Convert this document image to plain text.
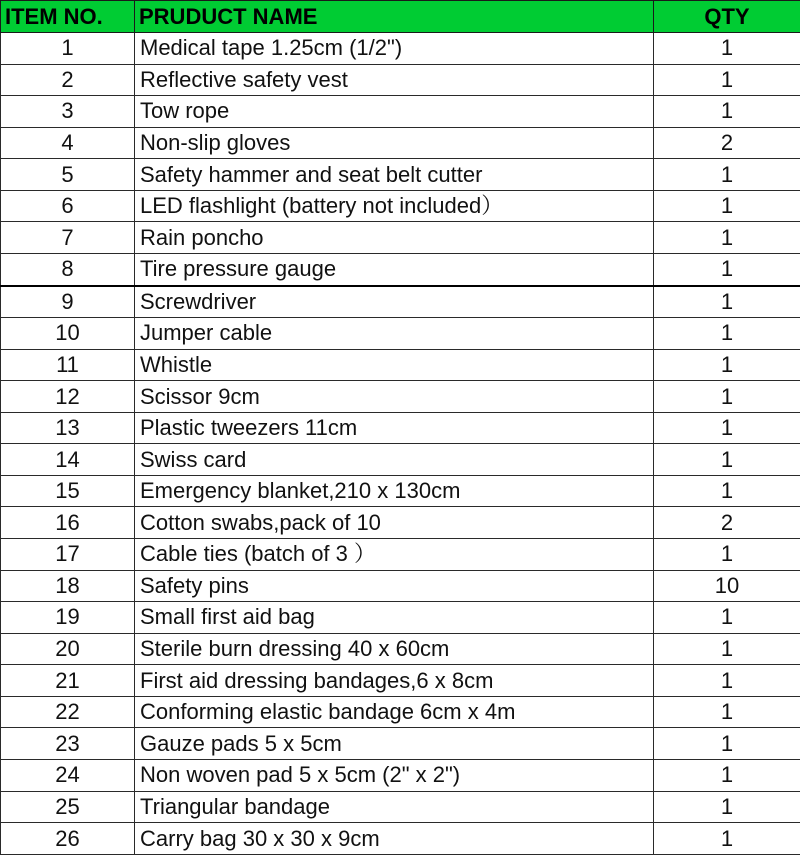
ITEM NO.	PRUDUCT NAME	QTY
1	Medical tape 1.25cm (1/2")	1
2	Reflective safety vest	1
3	Tow rope	1
4	Non-slip gloves	2
5	Safety hammer and seat belt cutter	1
6	LED flashlight (battery not included）	1
7	Rain poncho	1
8	Tire pressure gauge	1
9	Screwdriver	1
10	Jumper cable	1
11	Whistle	1
12	Scissor 9cm	1
13	Plastic tweezers 11cm	1
14	Swiss card	1
15	Emergency blanket,210 x 130cm	1
16	Cotton swabs,pack of 10	2
17	Cable ties (batch of 3 ）	1
18	Safety pins	10
19	Small first aid bag	1
20	Sterile burn dressing 40 x 60cm	1
21	First aid dressing bandages,6 x 8cm	1
22	Conforming elastic bandage 6cm x 4m	1
23	Gauze pads 5 x 5cm	1
24	Non woven pad 5 x 5cm (2" x 2")	1
25	Triangular bandage	1
26	Carry bag 30 x 30 x 9cm	1
